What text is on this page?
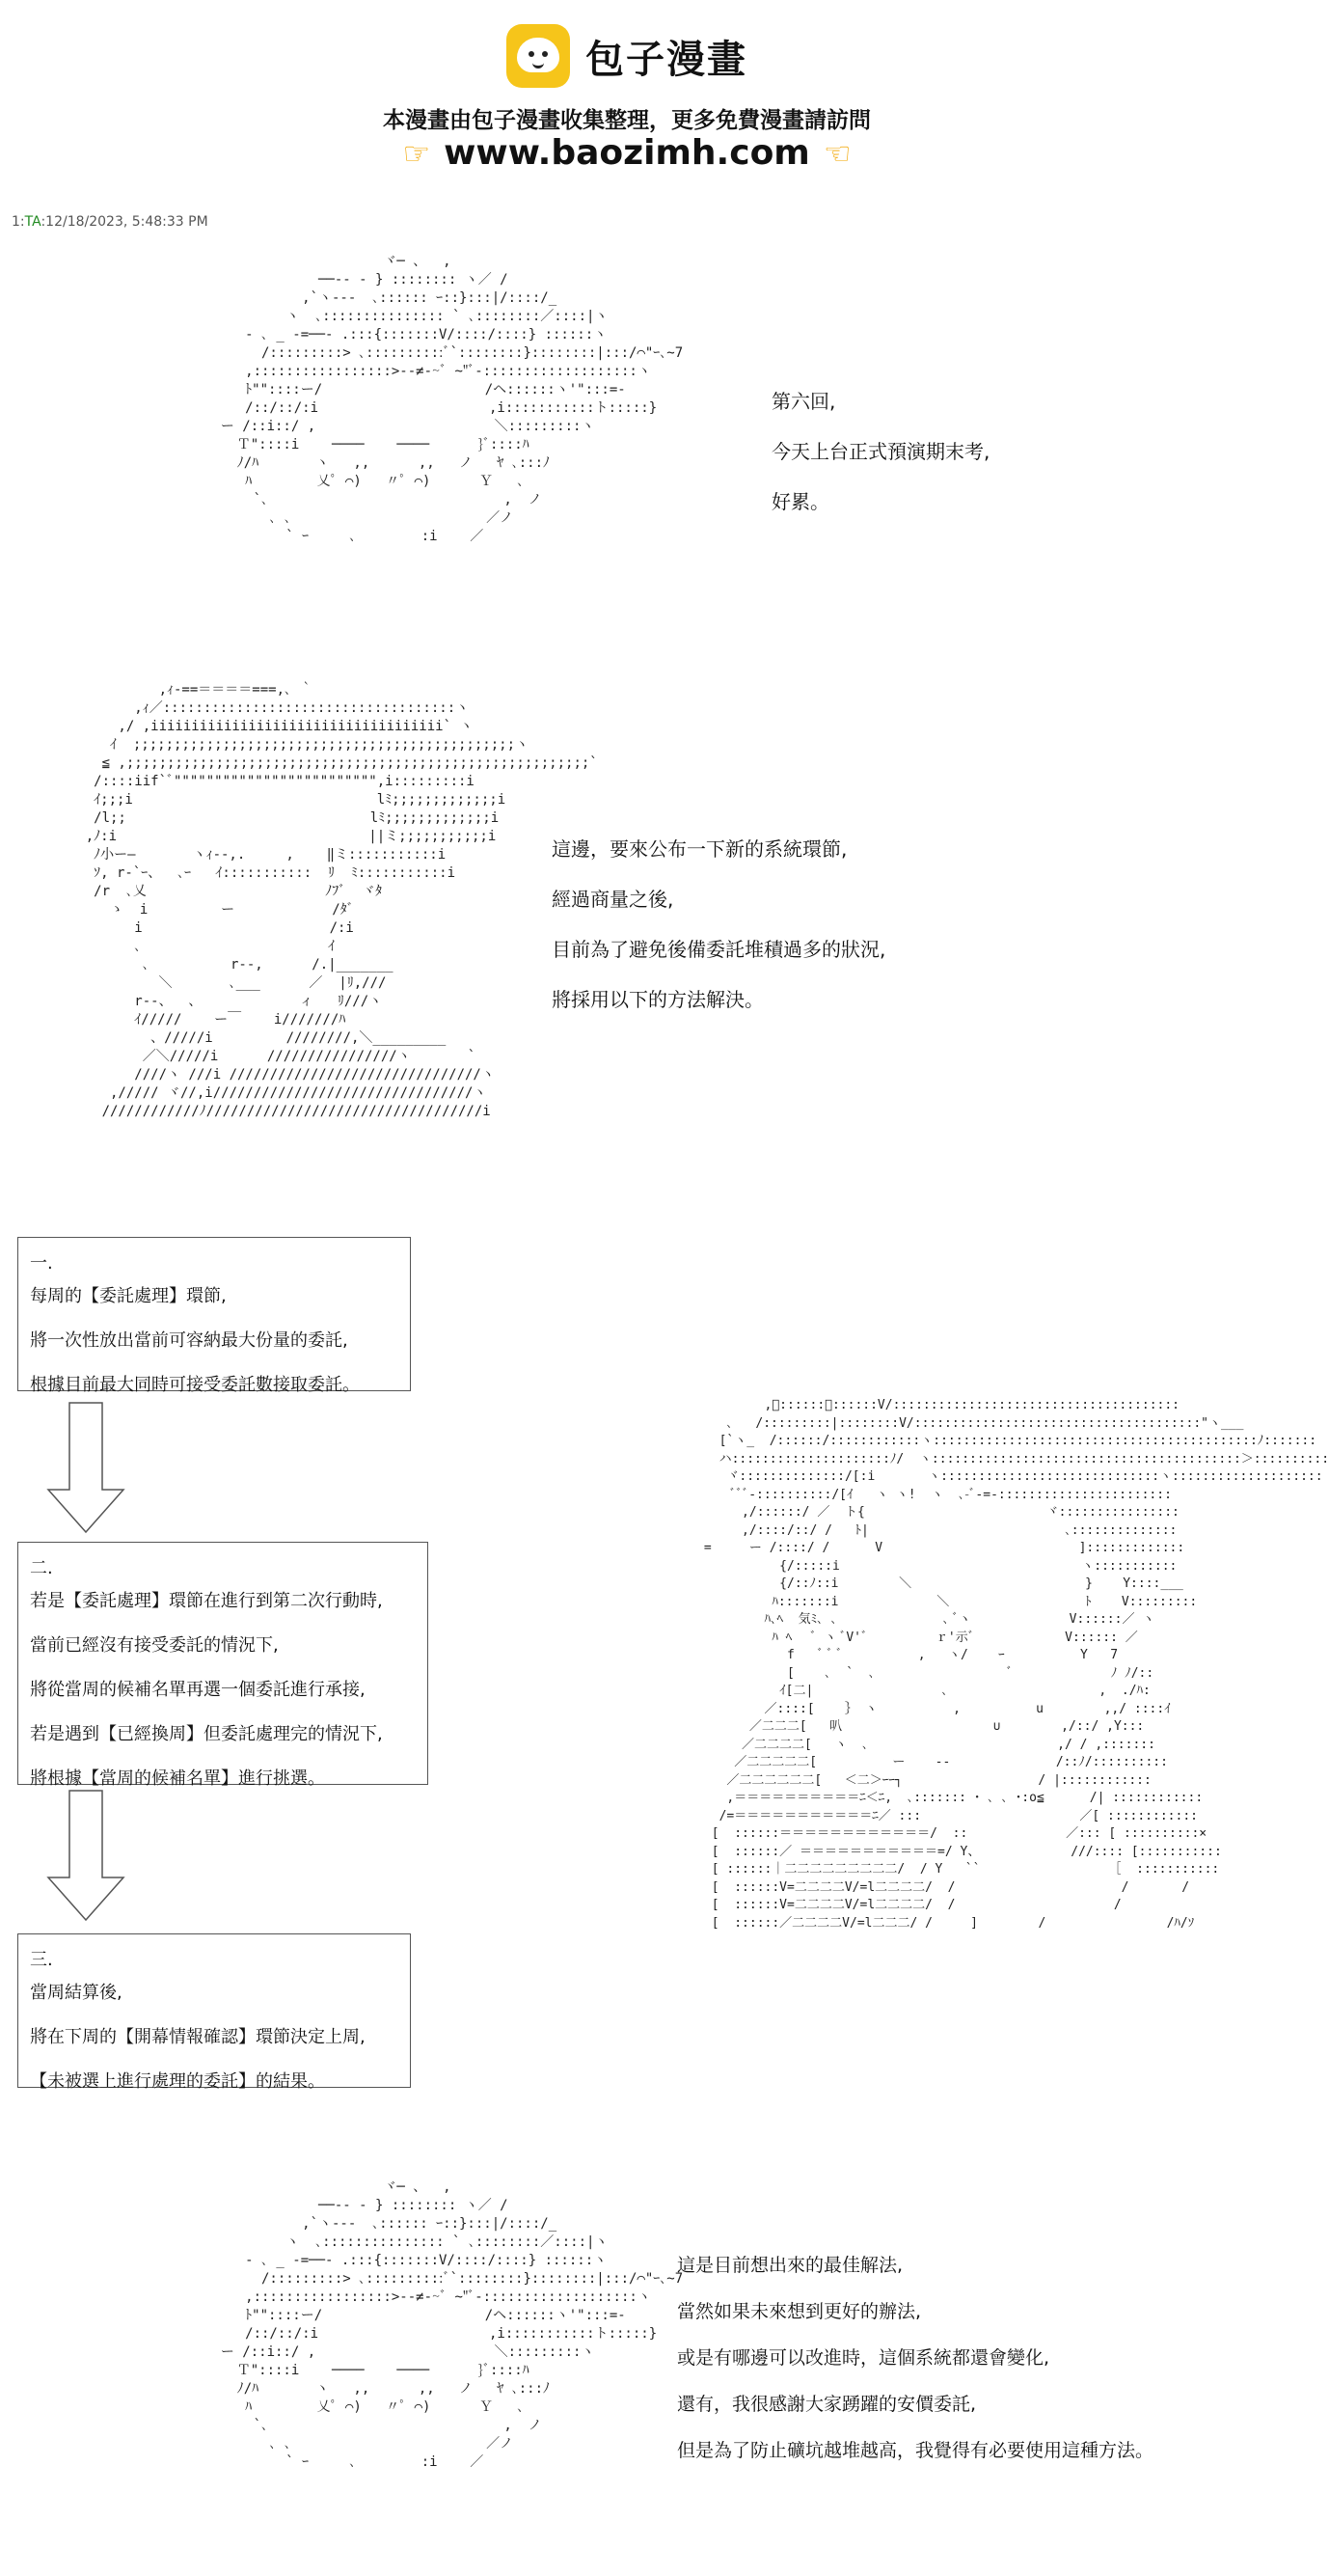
包子漫畫
本漫畫由包子漫畫收集整理，更多免費漫畫請訪問
☞ www.baozimh.com ☜
1:TA:12/18/2023, 5:48:33 PM
ヾ─ 、  ,
──‐- ‐ } :::::::: ヽ／ /
,`ヽ---  ､:::::: ｰ::}:::|/::::/_
ヽ  ､::::::::::::::: ` ､::::::::／::::|ヽ
‐ ､ _ -=──- .:::{:::::::V/::::/::::} ::::::ヽ
/:::::::::> ､::::::::::ﾞ`::::::::}::::::::|:::/⌒"ｰ､~7
,:::::::::::::::::>-‐≠‐~ﾞ ~"ﾞ-:::::::::::::::::::ヽ
ﾄ""::::ー/                    /ヘ::::::ヽ'":::=-
/::/::/:i                     ,i:::::::::::ト:::::}
ー /::i::/ ,                      ＼:::::::::ヽ
Ｔ"::::i    ────    ────      }ﾞ::::ﾊ
ﾉ/ﾊ       ヽ   ,,      ,,   ノ   ﾔ ､:::ﾉ
ﾊ        乂ﾟ ⌒)   〃ﾟ ⌒)      Ｙ   ､
`､                             ,  ノ
､ ､                        ／ノ
` ｰ     ､        :i    ／
第六回,
今天上台正式預演期末考,
好累。
,ｨ-==＝＝＝＝===,､ ｀
,ｨ／::::::::::::::::::::::::::::::::::::ヽ
,/ ,iiiiiiiiiiiiiiiiiiiiiiiiiiiiiiiiiiii` ヽ
ｲ  ;;;;;;;;;;;;;;;;;;;;;;;;;;;;;;;;;;;;;;;;;;;;;;;ヽ
≦ ,;;;;;;;;;;;;;;;;;;;;;;;;;;;;;;;;;;;;;;;;;;;;;;;;;;;;;;;;;`
/::::iif`ﾞ""""""""""""""""""""""""",i:::::::::i
ｲ;;;i                              lﾐ;;;;;;;;;;;;;i
/l;;                              lﾐ;;;;;;;;;;;;;i
,ﾉ:i                               ||ミ;;;;;;;;;;;i
ﾉ小ー―       ヽｨ--,.     ,    ‖ミ:::::::::::i
ｿ, r‐`ｰ、  ､ｰ   ｲ:::::::::::  ﾘ  ﾐ:::::::::::i
/r  ､乂                      ﾉﾌﾞ  ヾﾀ
ゝ  i         ー            /ﾀﾞ
i                       /:i
､                       ｲ
､          r‐‐,      /.|_______
＼       ､___      ／  |ﾘ,///
r‐‐、  、            ィ   ﾘ///ヽ
ｲ/////    ー￣    i///////ﾊ
、/////i         ////////,＼_________
／＼/////i      ////////////////ヽ       `
////ヽ ///i ///////////////////////////////ヽ
,///// ヾ//,i////////////////////////////////ヽ
////////////ﾉ//////////////////////////////////i
這邊，要來公布一下新的系統環節,
經過商量之後,
目前為了避免後備委託堆積過多的狀況,
將採用以下的方法解決。
一.
每周的【委託處理】環節,
將一次性放出當前可容納最大份量的委託,
根據目前最大同時可接受委託數接取委託。
二.
若是【委託處理】環節在進行到第二次行動時,
當前已經沒有接受委託的情況下,
將從當周的候補名單再選一個委託進行承接,
若是遇到【已經換周】但委託處理完的情況下,
將根據【當周的候補名單】進行挑選。
三.
當周結算後,
將在下周的【開幕情報確認】環節決定上周,
【未被選上進行處理的委託】的結果。
,ﾞ::::::｛::::::V/::::::::::::::::::::::::::::::::::::::
､   /:::::::::|::::::::V/::::::::::::::::::::::::::::::::::::::"ヽ___
[`ヽ_  /::::::/::::::::::::ヽ:::::::::::::::::::::::::::::::::::::::::::ﾉ:::::::
ハ:::::::::::::::::::::ﾉ/  ヽ:::::::::::::::::::::::::::::::::::::::::＞::::::::::
ヾ::::::::::::::/[:i       ヽ:::::::::::::::::::::::::::::ヽ::::::::::::::::::::
ﾞﾞﾞ-::::::::::/[ｲ   ヽ ヽ!  ヽ  ､-ﾞ-=-:::::::::::::::::::::::
,/::::::/ ／  ト{                        ヾ::::::::::::::::
,/::::/::/ /   ﾄ|                          ､::::::::::::::
=     ー /::::/ /      V                          ]:::::::::::::
{/:::::i                                ヽ:::::::::::
{/::ﾉ::i        ＼                       }    Y::::___
ﾊ:::::::i             ＼                  ﾄ    V:::::::::
ﾊ､ﾍ  気ﾐ､ ､              ､ ﾞヽ             V::::::／ ヽ
ﾊ ﾍ   ﾞ ヽ ﾞV'ﾞ         ｒ'示ﾞ            V:::::: ／
f   ﾞ ﾞ ﾞ          ,   ヽ/    ｰ          Y   7
[    ､  `  ､                  ﾞ             ﾉ ﾉ/::
ｲ[二|                 ､                    ,  ./ﾊ:
／::::[    ｝ ヽ          ,          u        ,,/ ::::ｲ
／二二二[   叭                    ∪        ,/::/ ,Y:::
／二二二二[   ヽ  ､                         ,/ / ,:::::::
／二二二二二[          ー    ‐‐              /::ﾉ/::::::::::
／二二二二二二[   ＜二＞ｰｰ┐                  / |::::::::::::
,＝＝＝＝＝＝＝＝＝＝ﾆ＜ﾆ,  ､::::::: ･ ､ ､ ･:o≦      /| ::::::::::::
/=＝＝＝＝＝＝＝＝＝＝＝ﾆ／ :::                     ／[ ::::::::::::
[  ::::::＝＝＝＝＝＝＝＝＝＝＝＝/  ::             ／::: [ ::::::::::×
[  ::::::／ ＝＝＝＝＝＝＝＝＝＝＝=/ Y、            ///:::: [:::::::::::
[ ::::::｜二二二二二二二二二/  / Y   ``                 ［  :::::::::::
[  ::::::V=二二二二V/=l二二二二/  /                      /       /
[  ::::::V=二二二二V/=l二二二二/  /                     /
[  ::::::／二二二二V/=l二二二/ /     ]        /                /ﾊ/ｿ
ヾ─ 、  ,
──‐- ‐ } :::::::: ヽ／ /
,`ヽ---  ､:::::: ｰ::}:::|/::::/_
ヽ  ､::::::::::::::: ` ､::::::::／::::|ヽ
‐ ､ _ -=──- .:::{:::::::V/::::/::::} ::::::ヽ
/:::::::::> ､::::::::::ﾞ`::::::::}::::::::|:::/⌒"ｰ､~7
,:::::::::::::::::>-‐≠‐~ﾞ ~"ﾞ-:::::::::::::::::::ヽ
ﾄ""::::ー/                    /ヘ::::::ヽ'":::=-
/::/::/:i                     ,i:::::::::::ト:::::}
ー /::i::/ ,                      ＼:::::::::ヽ
Ｔ"::::i    ────    ────      }ﾞ::::ﾊ
ﾉ/ﾊ       ヽ   ,,      ,,   ノ   ﾔ ､:::ﾉ
ﾊ        乂ﾟ ⌒)   〃ﾟ ⌒)      Ｙ   ､
`､                             ,  ノ
､ ､                        ／ノ
` ｰ     ､        :i    ／
這是目前想出來的最佳解法,
當然如果未來想到更好的辦法,
或是有哪邊可以改進時，這個系統都還會變化,
還有，我很感謝大家踴躍的安價委託,
但是為了防止礦坑越堆越高，我覺得有必要使用這種方法。
